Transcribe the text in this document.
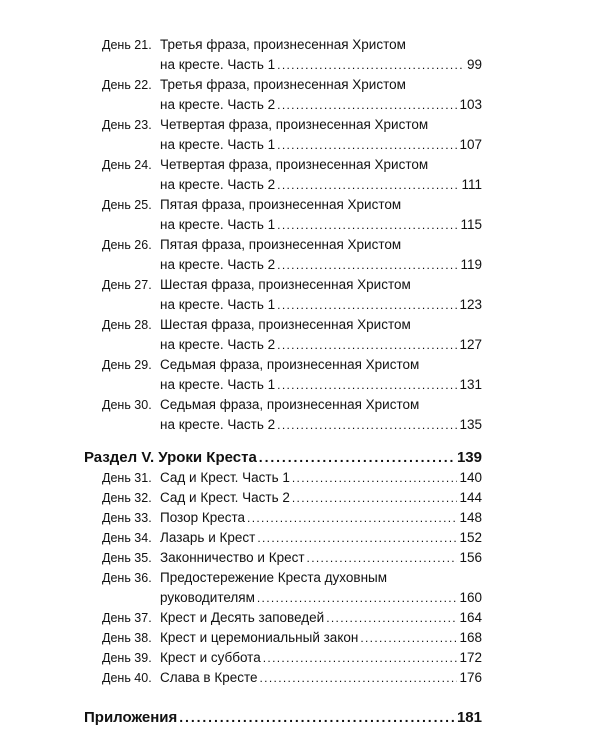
День 21. Третья фраза, произнесенная Христом
на кресте. Часть 1 . . .	99
День 22. Третья фраза, произнесенная Христом
на кресте. Часть 2 . . .	103
День 23. Четвертая фраза, произнесенная Христом
на кресте. Часть 1 . . .	107
День 24. Четвертая фраза, произнесенная Христом
на кресте. Часть 2 . . .	111
День 25. Пятая фраза, произнесенная Христом
на кресте. Часть 1 . . .	115
День 26. Пятая фраза, произнесенная Христом
на кресте. Часть 2 . . .	119
День 27. Шестая фраза, произнесенная Христом
на кресте. Часть 1 . . .	123
День 28. Шестая фраза, произнесенная Христом
на кресте. Часть 2 . . .	127
День 29. Седьмая фраза, произнесенная Христом
на кресте. Часть 1 . . .	131
День 30. Седьмая фраза, произнесенная Христом
на кресте. Часть 2 . . .	135
Раздел V. Уроки Креста . . .	139
День 31. Сад и Крест. Часть 1 . . .	140
День 32. Сад и Крест. Часть 2 . . .	144
День 33. Позор Креста . . .	148
День 34. Лазарь и Крест . . .	152
День 35. Законничество и Крест . . .	156
День 36. Предостережение Креста духовным
руководителям . . .	160
День 37. Крест и Десять заповедей . . .	164
День 38. Крест и церемониальный закон . . .	168
День 39. Крест и суббота . . .	172
День 40. Слава в Кресте . . .	176
Приложения . . .	181
